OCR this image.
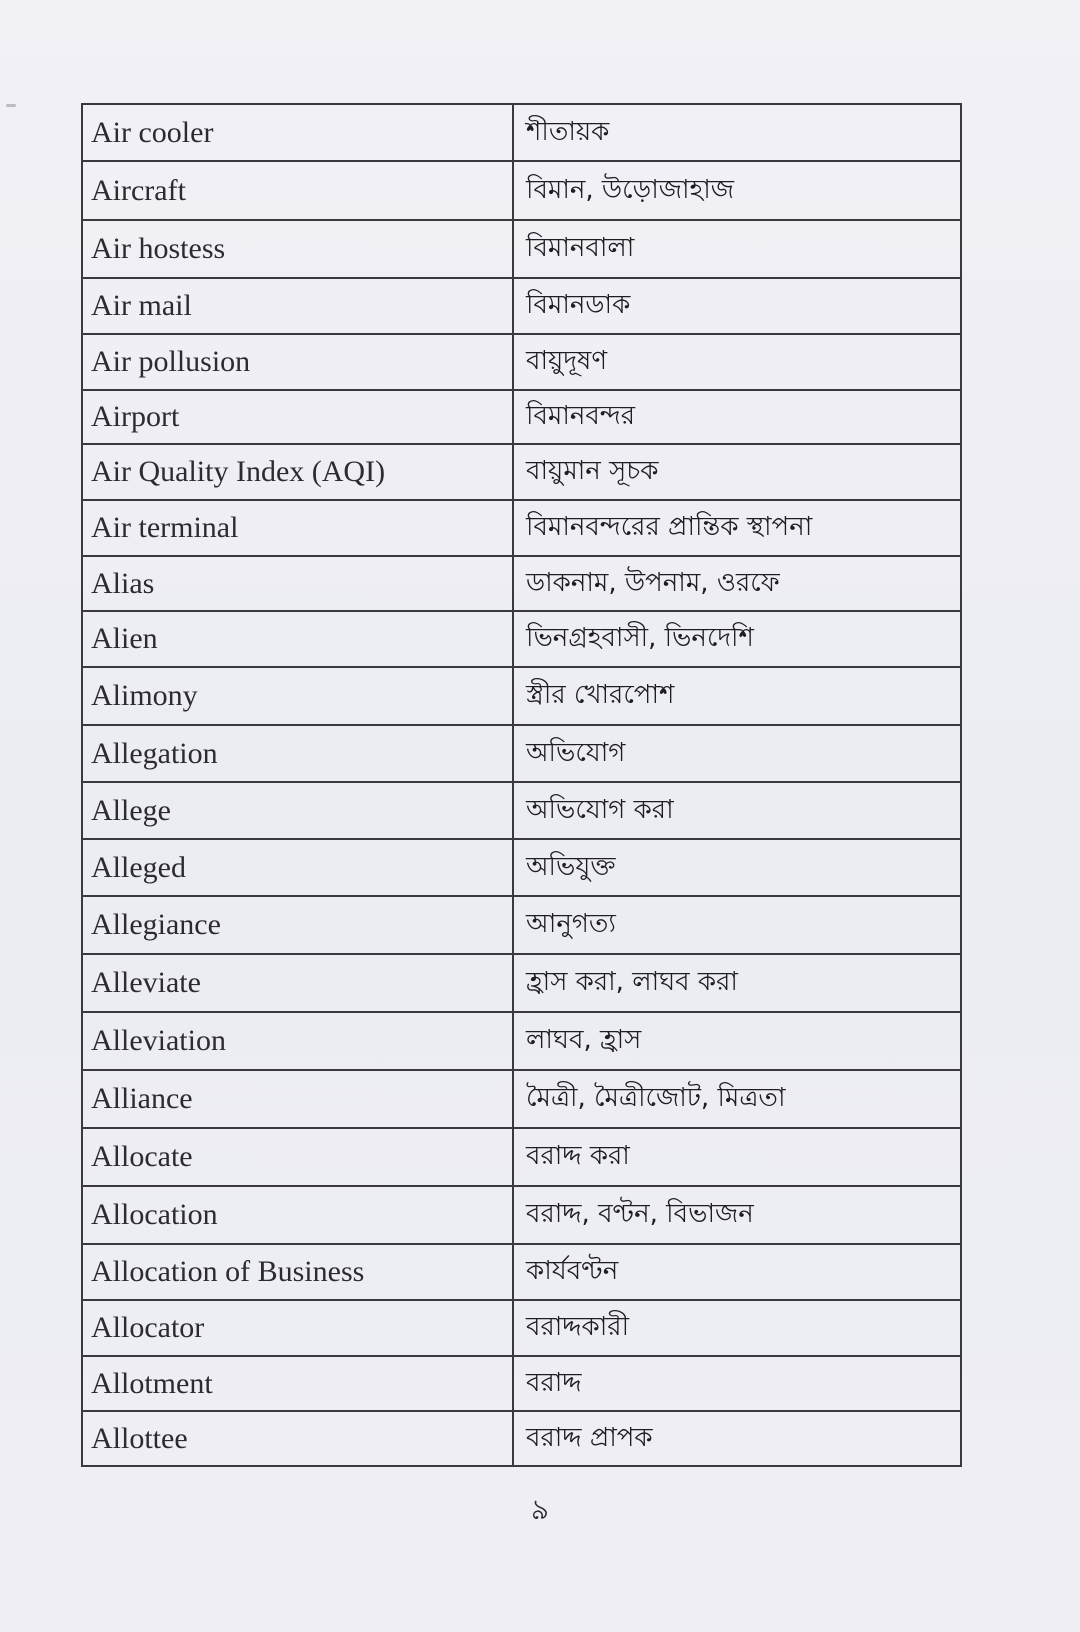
Air cooler	শীতায়ক
Aircraft	বিমান, উড়োজাহাজ
Air hostess	বিমানবালা
Air mail	বিমানডাক
Air pollusion	বায়ুদূষণ
Airport	বিমানবন্দর
Air Quality Index (AQI)	বায়ুমান সূচক
Air terminal	বিমানবন্দরের প্রান্তিক স্থাপনা
Alias	ডাকনাম, উপনাম, ওরফে
Alien	ভিনগ্রহবাসী, ভিনদেশি
Alimony	স্ত্রীর খোরপোশ
Allegation	অভিযোগ
Allege	অভিযোগ করা
Alleged	অভিযুক্ত
Allegiance	আনুগত্য
Alleviate	হ্রাস করা, লাঘব করা
Alleviation	লাঘব, হ্রাস
Alliance	মৈত্রী, মৈত্রীজোট, মিত্রতা
Allocate	বরাদ্দ করা
Allocation	বরাদ্দ, বণ্টন, বিভাজন
Allocation of Business	কার্যবণ্টন
Allocator	বরাদ্দকারী
Allotment	বরাদ্দ
Allottee	বরাদ্দ প্রাপক
৯
